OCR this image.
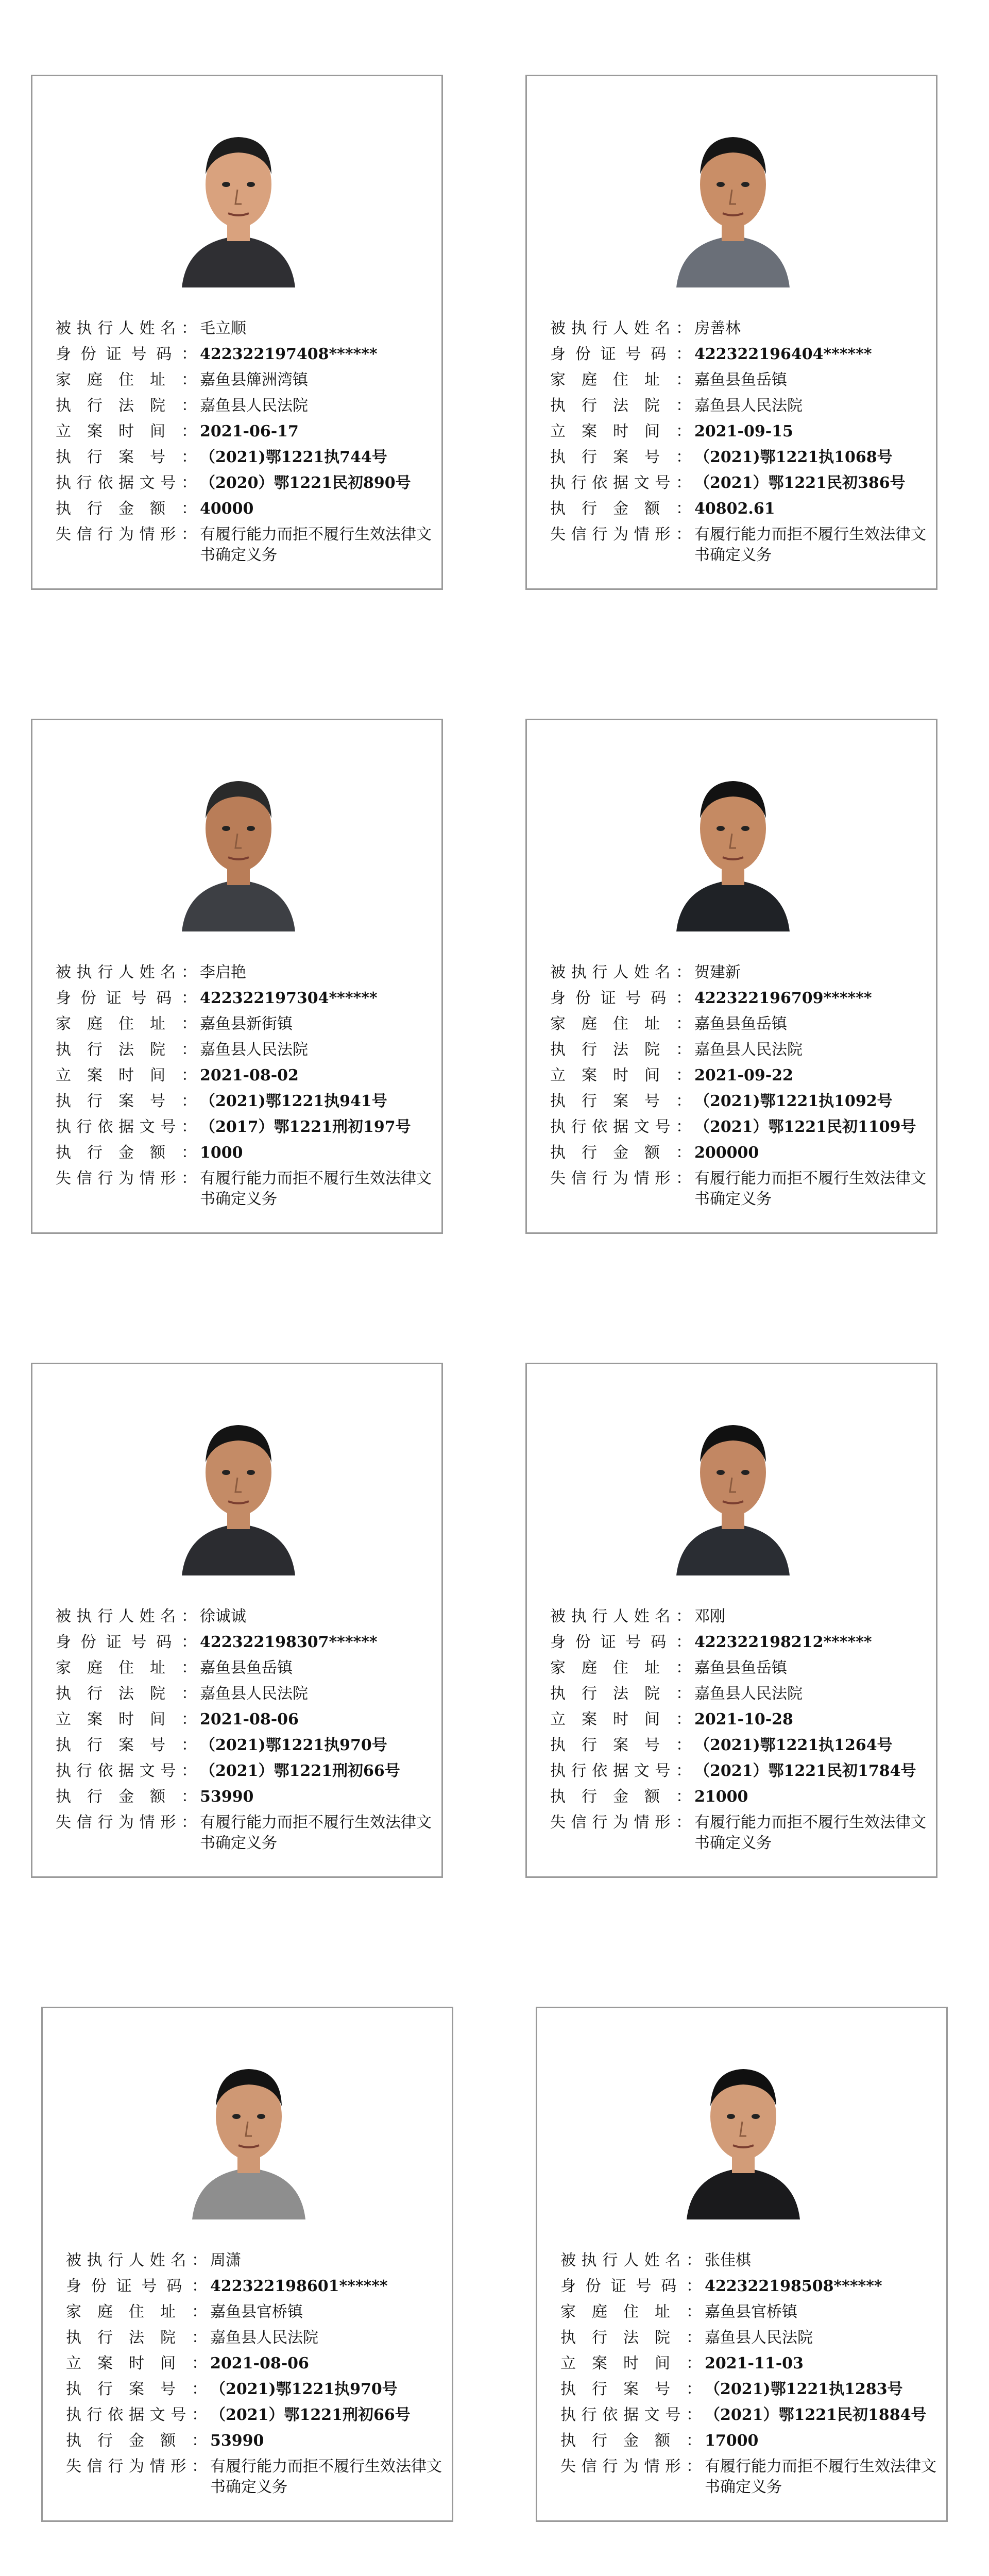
被执行人姓名： 毛立顺
身份证号码： 422322197408******
家庭住址： 嘉鱼县簰洲湾镇
执行法院： 嘉鱼县人民法院
立案时间： 2021-06-17
执行案号： （2021)鄂1221执744号
执行依据文号： （2020）鄂1221民初890号
执行金额： 40000
失信行为情形： 有履行能力而拒不履行生效法律文书确定义务
被执行人姓名： 房善林
身份证号码： 422322196404******
家庭住址： 嘉鱼县鱼岳镇
执行法院： 嘉鱼县人民法院
立案时间： 2021-09-15
执行案号： （2021)鄂1221执1068号
执行依据文号： （2021）鄂1221民初386号
执行金额： 40802.61
失信行为情形： 有履行能力而拒不履行生效法律文书确定义务
被执行人姓名： 李启艳
身份证号码： 422322197304******
家庭住址： 嘉鱼县新街镇
执行法院： 嘉鱼县人民法院
立案时间： 2021-08-02
执行案号： （2021)鄂1221执941号
执行依据文号： （2017）鄂1221刑初197号
执行金额： 1000
失信行为情形： 有履行能力而拒不履行生效法律文书确定义务
被执行人姓名： 贺建新
身份证号码： 422322196709******
家庭住址： 嘉鱼县鱼岳镇
执行法院： 嘉鱼县人民法院
立案时间： 2021-09-22
执行案号： （2021)鄂1221执1092号
执行依据文号： （2021）鄂1221民初1109号
执行金额： 200000
失信行为情形： 有履行能力而拒不履行生效法律文书确定义务
被执行人姓名： 徐诚诚
身份证号码： 422322198307******
家庭住址： 嘉鱼县鱼岳镇
执行法院： 嘉鱼县人民法院
立案时间： 2021-08-06
执行案号： （2021)鄂1221执970号
执行依据文号： （2021）鄂1221刑初66号
执行金额： 53990
失信行为情形： 有履行能力而拒不履行生效法律文书确定义务
被执行人姓名： 邓刚
身份证号码： 422322198212******
家庭住址： 嘉鱼县鱼岳镇
执行法院： 嘉鱼县人民法院
立案时间： 2021-10-28
执行案号： （2021)鄂1221执1264号
执行依据文号： （2021）鄂1221民初1784号
执行金额： 21000
失信行为情形： 有履行能力而拒不履行生效法律文书确定义务
被执行人姓名： 周潇
身份证号码： 422322198601******
家庭住址： 嘉鱼县官桥镇
执行法院： 嘉鱼县人民法院
立案时间： 2021-08-06
执行案号： （2021)鄂1221执970号
执行依据文号： （2021）鄂1221刑初66号
执行金额： 53990
失信行为情形： 有履行能力而拒不履行生效法律文书确定义务
被执行人姓名： 张佳棋
身份证号码： 422322198508******
家庭住址： 嘉鱼县官桥镇
执行法院： 嘉鱼县人民法院
立案时间： 2021-11-03
执行案号： （2021)鄂1221执1283号
执行依据文号： （2021）鄂1221民初1884号
执行金额： 17000
失信行为情形： 有履行能力而拒不履行生效法律文书确定义务
